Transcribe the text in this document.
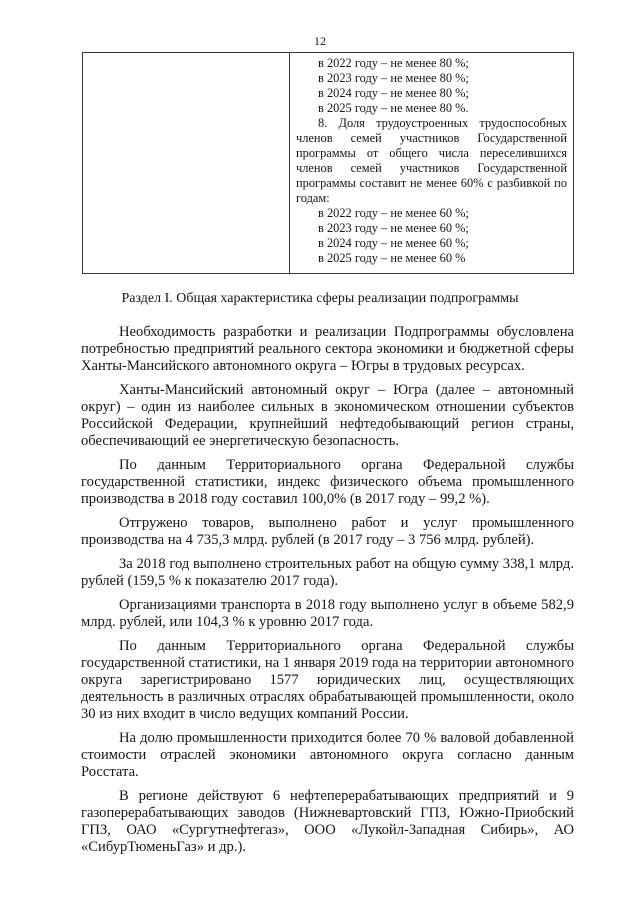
12
в 2022 году – не менее 80 %;
в 2023 году – не менее 80 %;
в 2024 году – не менее 80 %;
в 2025 году – не менее 80 %.
8. Доля трудоустроенных трудоспособных членов семей участников Государственной программы от общего числа переселившихся членов семей участников Государственной программы составит не менее 60% с разбивкой по годам:
в 2022 году – не менее 60 %;
в 2023 году – не менее 60 %;
в 2024 году – не менее 60 %;
в 2025 году – не менее 60 %
Раздел I. Общая характеристика сферы реализации подпрограммы

Необходимость разработки и реализации Подпрограммы обусловлена потребностью предприятий реального сектора экономики и бюджетной сферы Ханты-Мансийского автономного округа – Югры в трудовых ресурсах.

Ханты-Мансийский автономный округ – Югра (далее – автономный округ) – один из наиболее сильных в экономическом отношении субъектов Российской Федерации, крупнейший нефтедобывающий регион страны, обеспечивающий ее энергетическую безопасность.

По данным Территориального органа Федеральной службы государственной статистики, индекс физического объема промышленного производства в 2018 году составил 100,0% (в 2017 году – 99,2 %).

Отгружено товаров, выполнено работ и услуг промышленного производства на 4 735,3 млрд. рублей (в 2017 году – 3 756 млрд. рублей).

За 2018 год выполнено строительных работ на общую сумму 338,1 млрд. рублей (159,5 % к показателю 2017 года).

Организациями транспорта в 2018 году выполнено услуг в объеме 582,9 млрд. рублей, или 104,3 % к уровню 2017 года.

По данным Территориального органа Федеральной службы государственной статистики, на 1 января 2019 года на территории автономного округа зарегистрировано 1577 юридических лиц, осуществляющих деятельность в различных отраслях обрабатывающей промышленности, около 30 из них входит в число ведущих компаний России.

На долю промышленности приходится более 70 % валовой добавленной стоимости отраслей экономики автономного округа согласно данным Росстата.

В регионе действуют 6 нефтеперерабатывающих предприятий и 9 газоперерабатывающих заводов (Нижневартовский ГПЗ, Южно-Приобский ГПЗ, ОАО «Сургутнефтегаз», ООО «Лукойл-Западная Сибирь», АО «СибурТюменьГаз» и др.).
